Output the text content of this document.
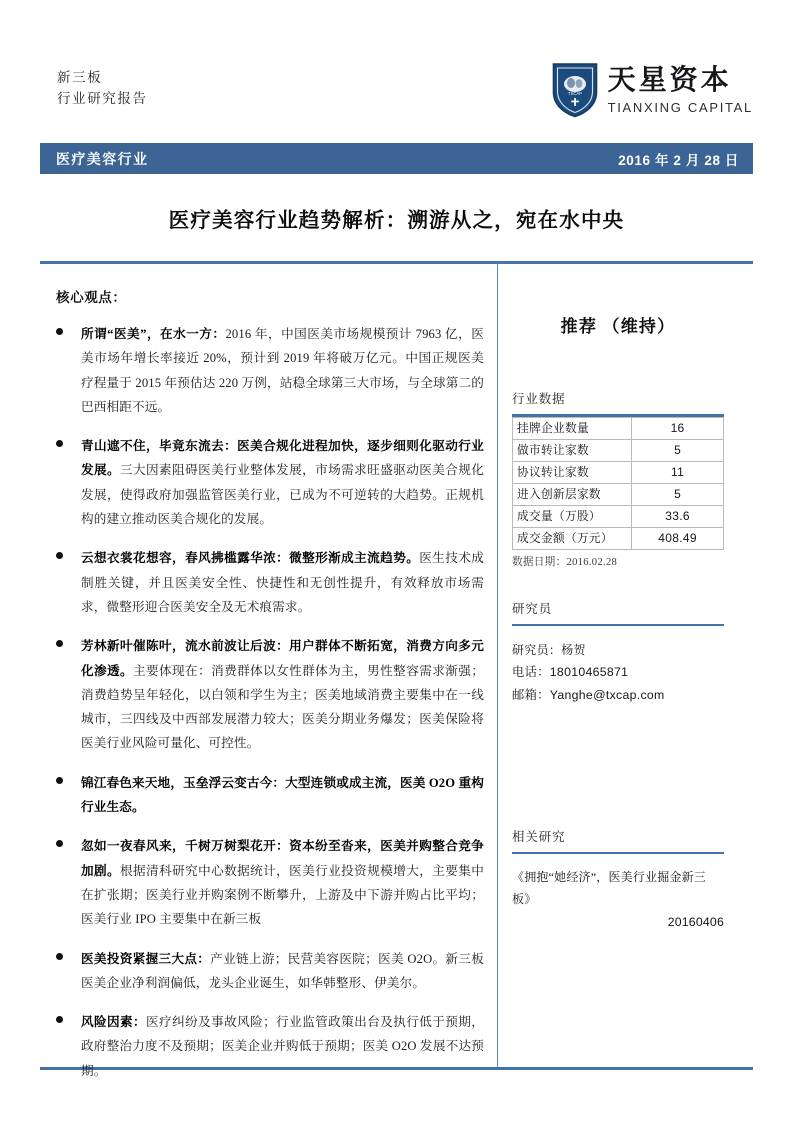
新三板
行业研究报告	TXCAP 天星资本
TIANXING CAPITAL
医疗美容行业	2016 年 2 月 28 日
医疗美容行业趋势解析：溯游从之，宛在水中央
核心观点：
所谓“医美”，在水一方：2016 年，中国医美市场规模预计 7963 亿，医美市场年增长率接近 20%，预计到 2019 年将破万亿元。中国正规医美疗程量于 2015 年预估达 220 万例，站稳全球第三大市场，与全球第二的巴西相距不远。
青山遮不住，毕竟东流去：医美合规化进程加快，逐步细则化驱动行业发展。三大因素阻碍医美行业整体发展，市场需求旺盛驱动医美合规化发展，使得政府加强监管医美行业，已成为不可逆转的大趋势。正规机构的建立推动医美合规化的发展。
云想衣裳花想容，春风拂槛露华浓：微整形渐成主流趋势。医生技术成制胜关键，并且医美安全性、快捷性和无创性提升，有效释放市场需求，微整形迎合医美安全及无术痕需求。
芳林新叶催陈叶，流水前波让后波：用户群体不断拓宽，消费方向多元化渗透。主要体现在：消费群体以女性群体为主，男性整容需求渐强；消费趋势呈年轻化，以白领和学生为主；医美地域消费主要集中在一线城市，三四线及中西部发展潜力较大；医美分期业务爆发；医美保险将医美行业风险可量化、可控性。
锦江春色来天地，玉垒浮云变古今：大型连锁或成主流，医美 O2O 重构行业生态。
忽如一夜春风来，千树万树梨花开：资本纷至沓来，医美并购整合竞争加剧。根据清科研究中心数据统计，医美行业投资规模增大，主要集中在扩张期；医美行业并购案例不断攀升，上游及中下游并购占比平均；医美行业 IPO 主要集中在新三板
医美投资紧握三大点：产业链上游；民营美容医院；医美 O2O。新三板医美企业净利润偏低，龙头企业诞生，如华韩整形、伊美尔。
风险因素：医疗纠纷及事故风险；行业监管政策出台及执行低于预期，政府整治力度不及预期；医美企业并购低于预期；医美 O2O 发展不达预期。
推荐 （维持）
行业数据
挂牌企业数量	16
做市转让家数	5
协议转让家数	11
进入创新层家数	5
成交量（万股）	33.6
成交金额（万元）	408.49
数据日期：2016.02.28
研究员
研究员：杨贺
电话：18010465871
邮箱：Yanghe@txcap.com
相关研究
《拥抱“她经济”，医美行业掘金新三板》
20160406
